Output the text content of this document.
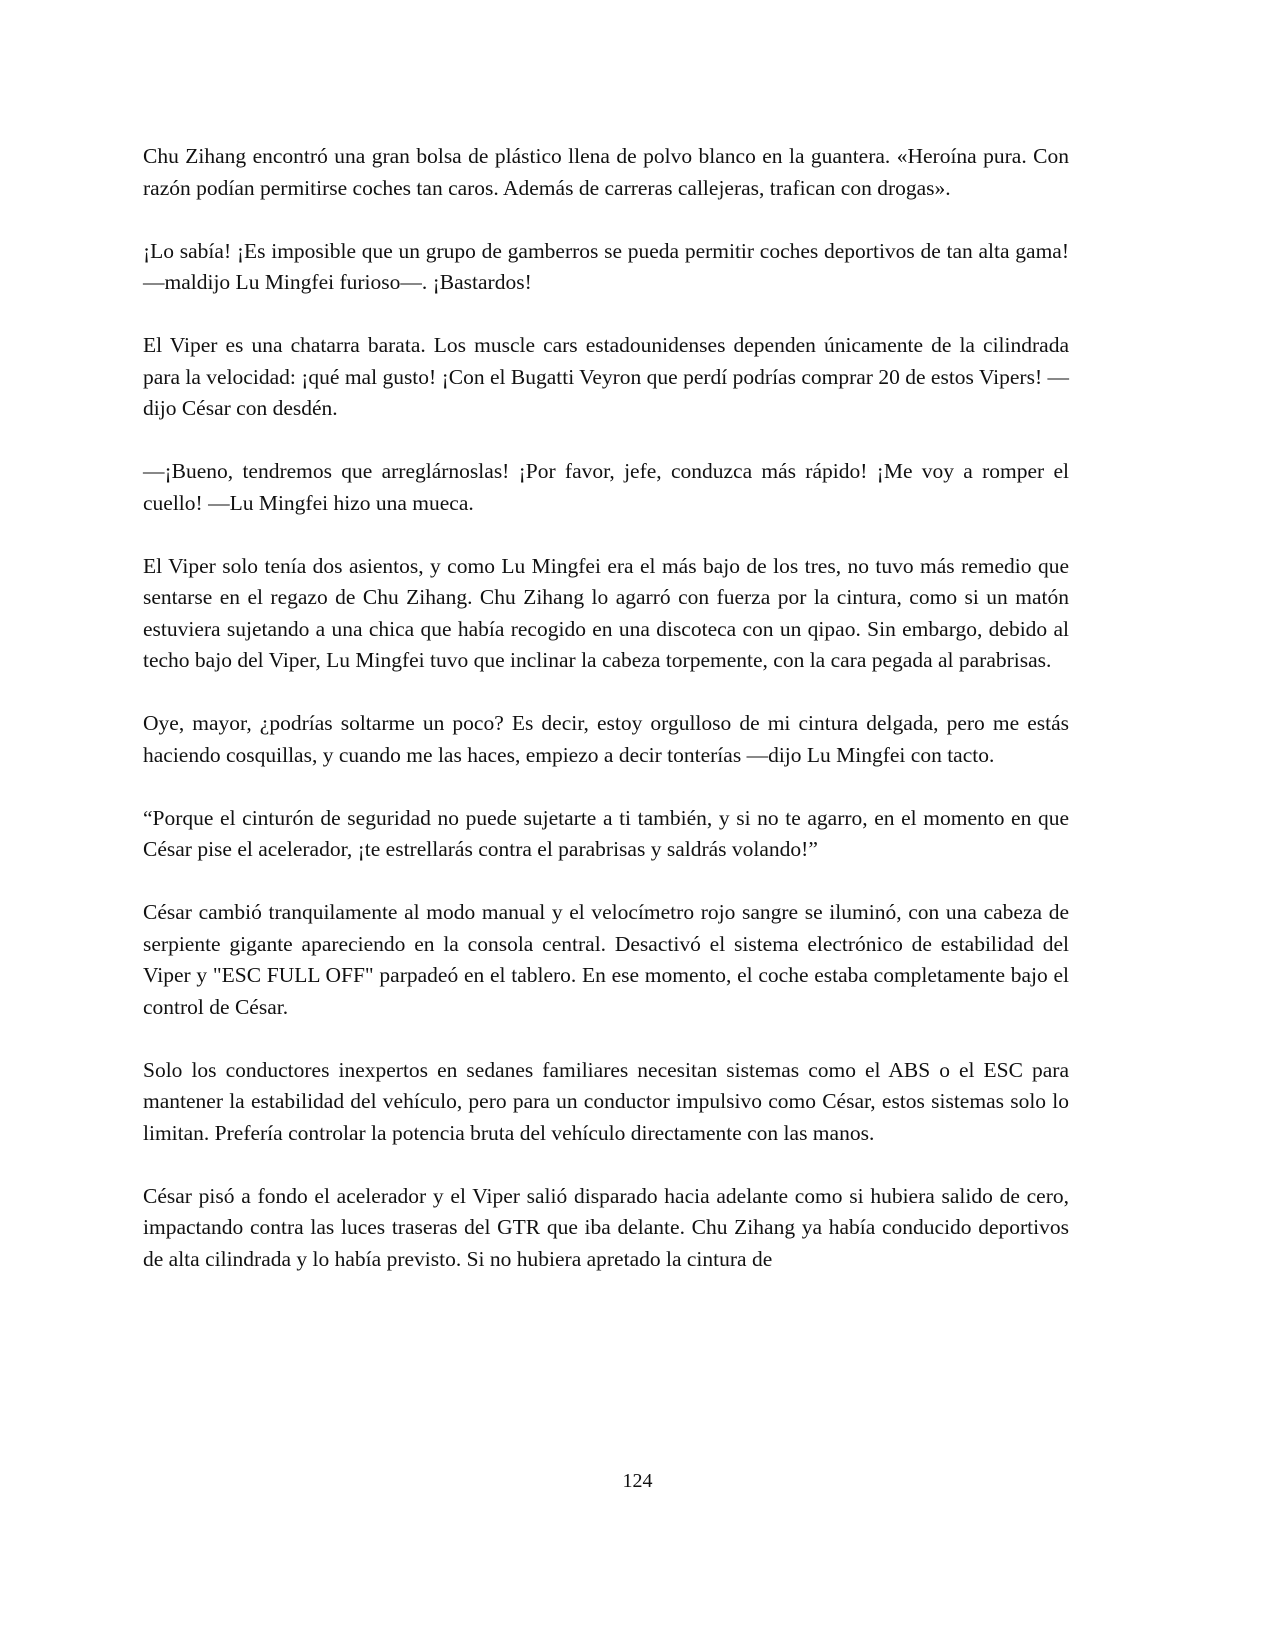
Chu Zihang encontró una gran bolsa de plástico llena de polvo blanco en la guantera. «Heroína pura. Con razón podían permitirse coches tan caros. Además de carreras callejeras, trafican con drogas».

¡Lo sabía! ¡Es imposible que un grupo de gamberros se pueda permitir coches deportivos de tan alta gama! —maldijo Lu Mingfei furioso—. ¡Bastardos!

El Viper es una chatarra barata. Los muscle cars estadounidenses dependen únicamente de la cilindrada para la velocidad: ¡qué mal gusto! ¡Con el Bugatti Veyron que perdí podrías comprar 20 de estos Vipers! —dijo César con desdén.

—¡Bueno, tendremos que arreglárnoslas! ¡Por favor, jefe, conduzca más rápido! ¡Me voy a romper el cuello! —Lu Mingfei hizo una mueca.

El Viper solo tenía dos asientos, y como Lu Mingfei era el más bajo de los tres, no tuvo más remedio que sentarse en el regazo de Chu Zihang. Chu Zihang lo agarró con fuerza por la cintura, como si un matón estuviera sujetando a una chica que había recogido en una discoteca con un qipao. Sin embargo, debido al techo bajo del Viper, Lu Mingfei tuvo que inclinar la cabeza torpemente, con la cara pegada al parabrisas.

Oye, mayor, ¿podrías soltarme un poco? Es decir, estoy orgulloso de mi cintura delgada, pero me estás haciendo cosquillas, y cuando me las haces, empiezo a decir tonterías —dijo Lu Mingfei con tacto.

“Porque el cinturón de seguridad no puede sujetarte a ti también, y si no te agarro, en el momento en que César pise el acelerador, ¡te estrellarás contra el parabrisas y saldrás volando!”

César cambió tranquilamente al modo manual y el velocímetro rojo sangre se iluminó, con una cabeza de serpiente gigante apareciendo en la consola central. Desactivó el sistema electrónico de estabilidad del Viper y "ESC FULL OFF" parpadeó en el tablero. En ese momento, el coche estaba completamente bajo el control de César.

Solo los conductores inexpertos en sedanes familiares necesitan sistemas como el ABS o el ESC para mantener la estabilidad del vehículo, pero para un conductor impulsivo como César, estos sistemas solo lo limitan. Prefería controlar la potencia bruta del vehículo directamente con las manos.

César pisó a fondo el acelerador y el Viper salió disparado hacia adelante como si hubiera salido de cero, impactando contra las luces traseras del GTR que iba delante. Chu Zihang ya había conducido deportivos de alta cilindrada y lo había previsto. Si no hubiera apretado la cintura de

124
